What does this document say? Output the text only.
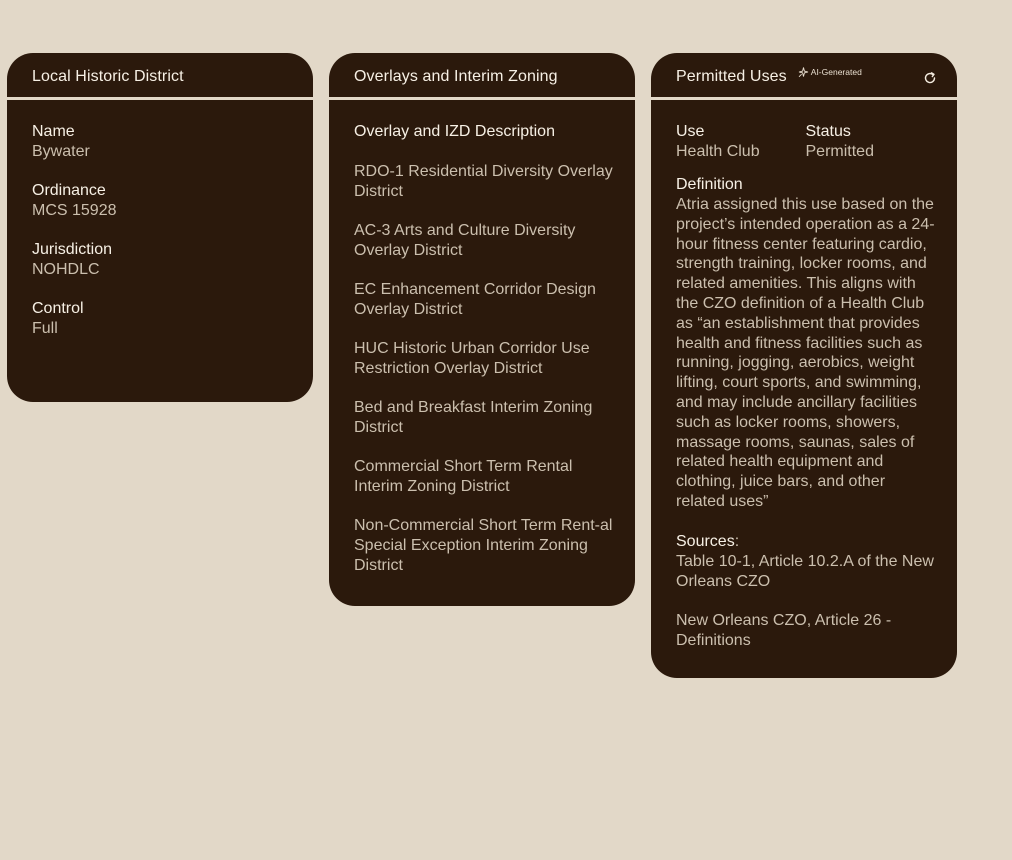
Local Historic District
Name
Bywater
Ordinance
MCS 15928
Jurisdiction
NOHDLC
Control
Full
Overlays and Interim Zoning
Overlay and IZD Description
RDO-1 Residential Diversity Overlay District
AC-3 Arts and Culture Diversity Overlay District
EC Enhancement Corridor Design Overlay District
HUC Historic Urban Corridor Use Restriction Overlay District
Bed and Breakfast Interim Zoning District
Commercial Short Term Rental Interim Zoning District
Non-Commercial Short Term Rent-al Special Exception Interim Zoning District
Permitted Uses	AI-Generated
Use
Health Club
Status
Permitted
Definition
Atria assigned this use based on the project’s intended operation as a 24-hour fitness center featuring cardio, strength training, locker rooms, and related amenities. This aligns with the CZO definition of a Health Club as “an establishment that provides health and fitness facilities such as running, jogging, aerobics, weight lifting, court sports, and swimming, and may include ancillary facilities such as locker rooms, showers, massage rooms, saunas, sales of related health equipment and clothing, juice bars, and other related uses”
Sources:
Table 10-1, Article 10.2.A of the New Orleans CZO
New Orleans CZO, Article 26 - Definitions
